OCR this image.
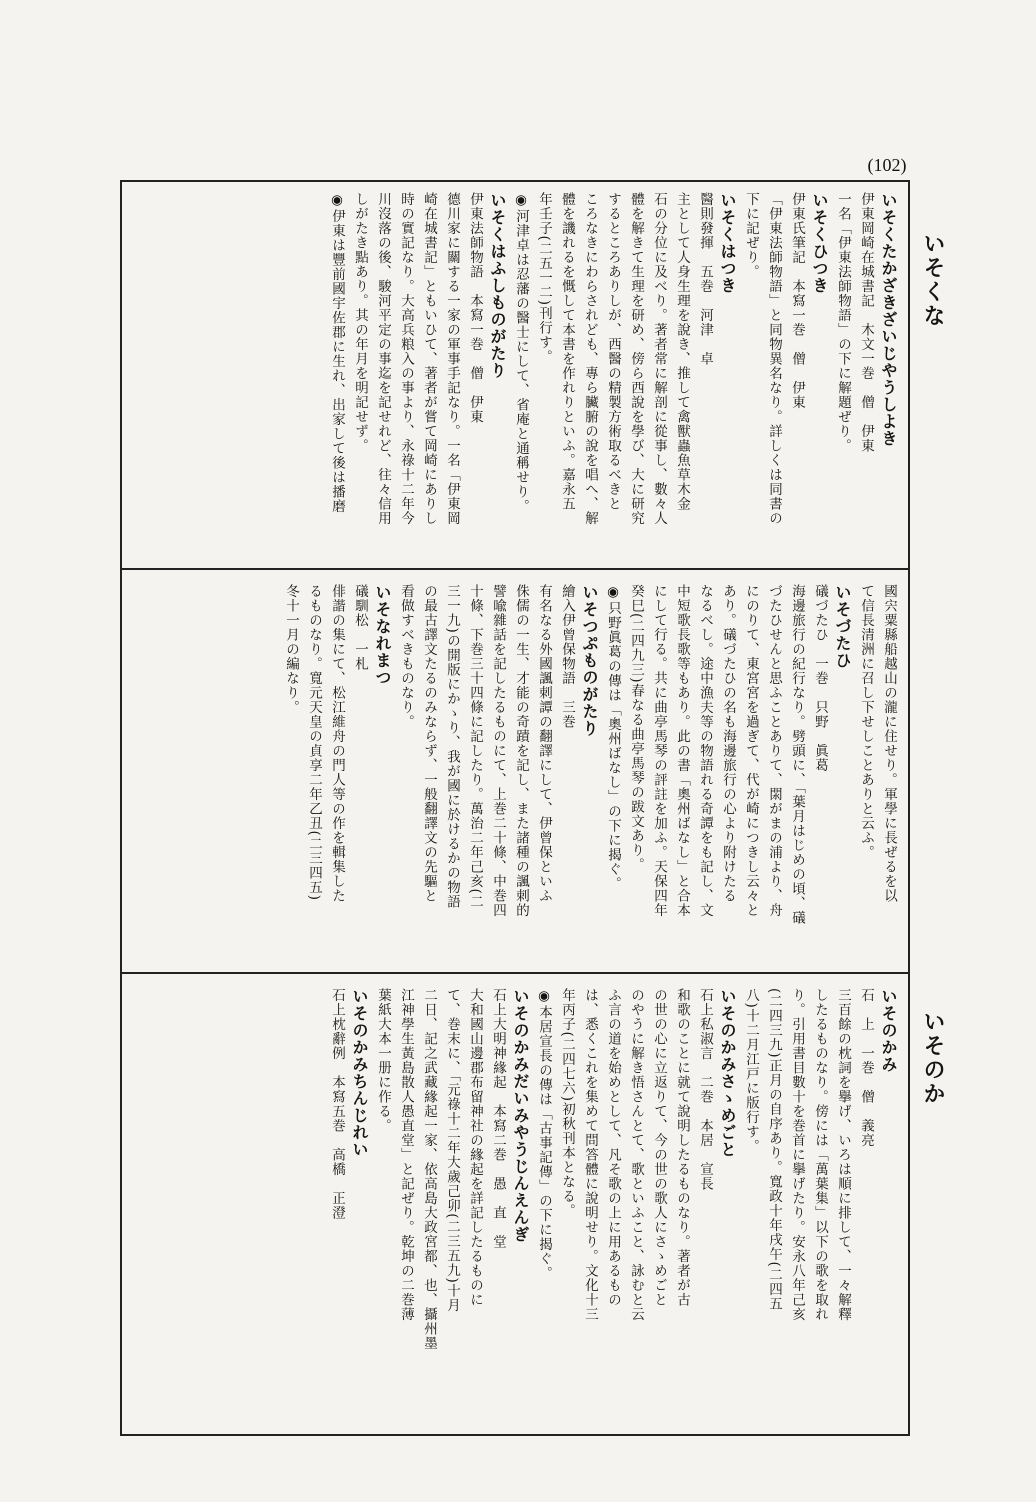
(102)
いそくな
いそのか
いそくたかざきざいじやうしよき
伊東岡崎在城書記　木文一巻　僧　伊東
一名「伊東法師物語」の下に解題ぜり。
いそくひつき
伊東氏筆記　本寫一巻　僧　伊東
「伊東法師物語」と同物異名なり。詳しくは同書の
下に記ぜり。
いそくはつき
醫則發揮　五巻　河津　卓
主として人身生理を說き、推して禽獸蟲魚草木金
石の分位に及べり。著者常に解剖に從事し、數々人
體を解きて生理を研め、傍ら西說を學び、大に研究
するところありしが、西醫の精製方術取るべきと
ころなきにわらされども、專ら臟腑の說を唱へ、解
體を譏れるを慨して本書を作れりといふ。嘉永五
年壬子(二五一二)刊行す。
◉河津卓は忍藩の醫士にして、省庵と通稱せり。
いそくはふしものがたり
伊東法師物語　本寫一巻　僧　伊東
德川家に關する一家の軍事手記なり。一名「伊東岡
崎在城書記」ともいひて、著者が嘗て岡崎にありし
時の實記なり。大高兵粮入の事より、永祿十二年今
川沒落の後、駿河平定の事迄を記せれど、往々信用
しがたき點あり。其の年月を明記せず。
◉伊東は豐前國宇佐郡に生れ、出家して後は播磨
國宍粟縣船越山の瀧に住せり。軍學に長ぜるを以
て信長清洲に召し下せしことありと云ふ。
いそづたひ
礒づたひ　一巻　只野　眞葛
海邊旅行の紀行なり。劈頭に、「葉月はじめの頃、礒
づたひせんと思ふことありて、閖がまの浦より、舟
にのりて、東宮宮を過ぎて、代が崎につきし云々と
あり。礒づたひの名も海邊旅行の心より附けたる
なるべし。途中漁夫等の物語れる奇譚をも記し、文
中短歌長歌等もあり。此の書「奧州ばなし」と合本
にして行る。共に曲亭馬琴の評註を加ふ。天保四年
癸巳(二四九三)春なる曲亭馬琴の跋文あり。
◉只野眞葛の傳は「奧州ばなし」の下に揭ぐ。
いそつぷものがたり
繪入伊曾保物語　三巻
有名なる外國諷刺譚の翻譯にして、伊曾保といふ
侏儒の一生、才能の奇蹟を記し、また諸種の諷刺的
譬喩雜話を記したるものにて、上巻二十條、中巻四
十條、下巻三十四條に記したり。萬治二年己亥(二
三一九)の開版にかゝり、我が國に於けるかの物語
の最古譯文たるのみならず、一般翻譯文の先驅と
看做すべきものなり。
いそなれまつ
礒馴松　一札
俳諧の集にて、松江維舟の門人等の作を輯集した
るものなり。寬元天皇の貞享二年乙丑(二三四五)
冬十一月の編なり。
いそのかみ
石　上　一巻　僧　義亮
三百餘の枕詞を擧げ、いろは順に排して、一々解釋
したるものなり。傍には「萬葉集」以下の歌を取れ
り。引用書目數十を巻首に擧げたり。安永八年己亥
(二四三九)正月の自序あり。寬政十年戌午(二四五
八)十二月江戸に版行す。
いそのかみさゝめごと
石上私淑言　二巻　本居　宣長
和歌のことに就て說明したるものなり。著者が古
の世の心に立返りて、今の世の歌人にさゝめごと
のやうに解き悟さんとて、歌といふこと、詠むと云
ふ言の道を始めとして、凡そ歌の上に用あるもの
は、悉くこれを集めて問答體に說明せり。文化十三
年丙子(二四七六)初秋刊本となる。
◉本居宣長の傳は「古事記傳」の下に揭ぐ。
いそのかみだいみやうじんえんぎ
石上大明神緣起　本寫二巻　愚　直　堂
大和國山邊郡布留神社の緣起を詳記したるものに
て、巻末に、「元祿十二年大歲己卯(二三五九)十月
二日、記之武藏緣起一家、依高島大政宮都、也、攝州墨
江神學生黃島散人愚直堂」と記ぜり。乾坤の二巻薄
葉紙大本一册に作る。
いそのかみちんじれい
石上枕辭例　本寫五巻　高橋　正澄
